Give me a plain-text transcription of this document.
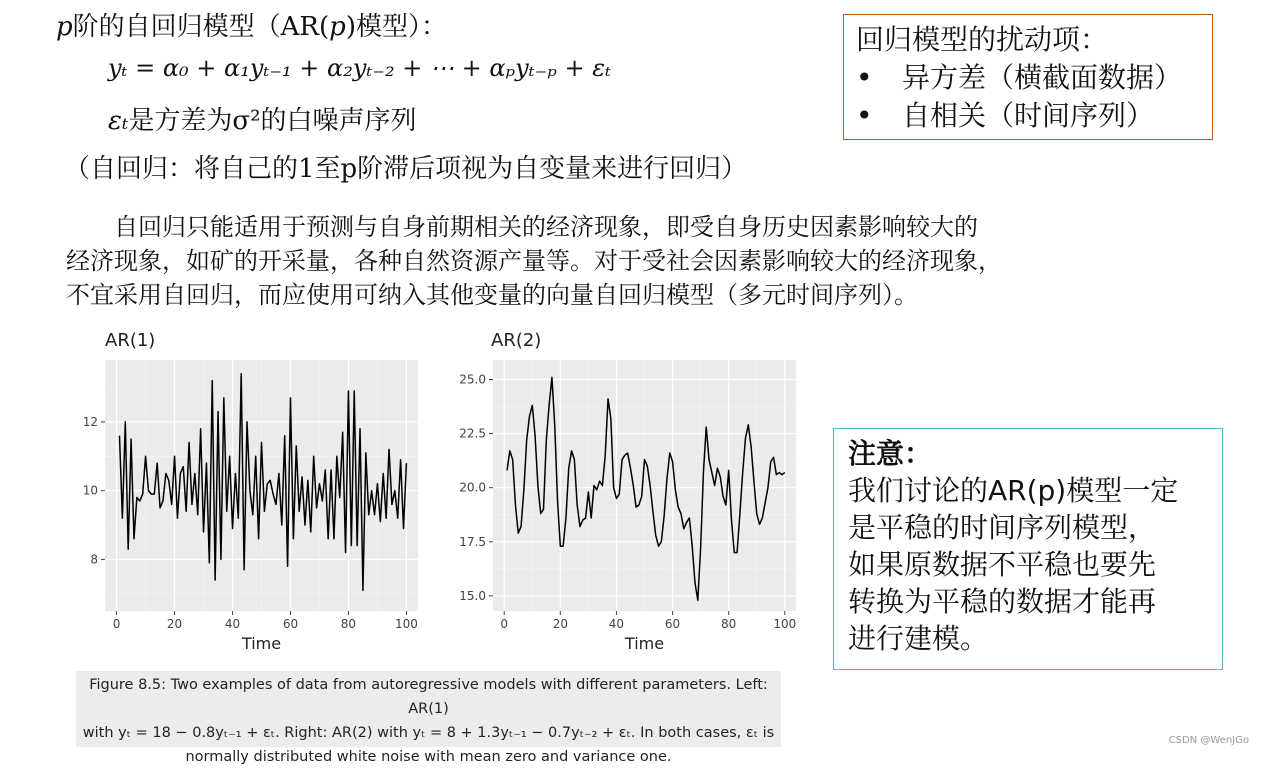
p阶的自回归模型（AR(p)模型）：
yₜ = α₀ + α₁yₜ₋₁ + α₂yₜ₋₂ + ⋯ + αₚyₜ₋ₚ + εₜ
εₜ是方差为σ²的白噪声序列
（自回归：将自己的1至p阶滞后项视为自变量来进行回归）
　　自回归只能适用于预测与自身前期相关的经济现象，即受自身历史因素影响较大的
经济现象，如矿的开采量，各种自然资源产量等。对于受社会因素影响较大的经济现象，
不宜采用自回归，而应使用可纳入其他变量的向量自回归模型（多元时间序列）。
回归模型的扰动项：
•	异方差（横截面数据）
•	自相关（时间序列）
AR(1)
0	20	40	60	80	100
8
10
12
Time
AR(2)
0	20	40	60	80	100
15.0
17.5
20.0
22.5
25.0
Time
注意：
我们讨论的AR(p)模型一定
是平稳的时间序列模型，
如果原数据不平稳也要先
转换为平稳的数据才能再
进行建模。
Figure 8.5: Two examples of data from autoregressive models with different parameters. Left: AR(1)
with yₜ = 18 − 0.8yₜ₋₁ + εₜ. Right: AR(2) with yₜ = 8 + 1.3yₜ₋₁ − 0.7yₜ₋₂ + εₜ. In both cases, εₜ is
normally distributed white noise with mean zero and variance one.
CSDN @WenJGo
